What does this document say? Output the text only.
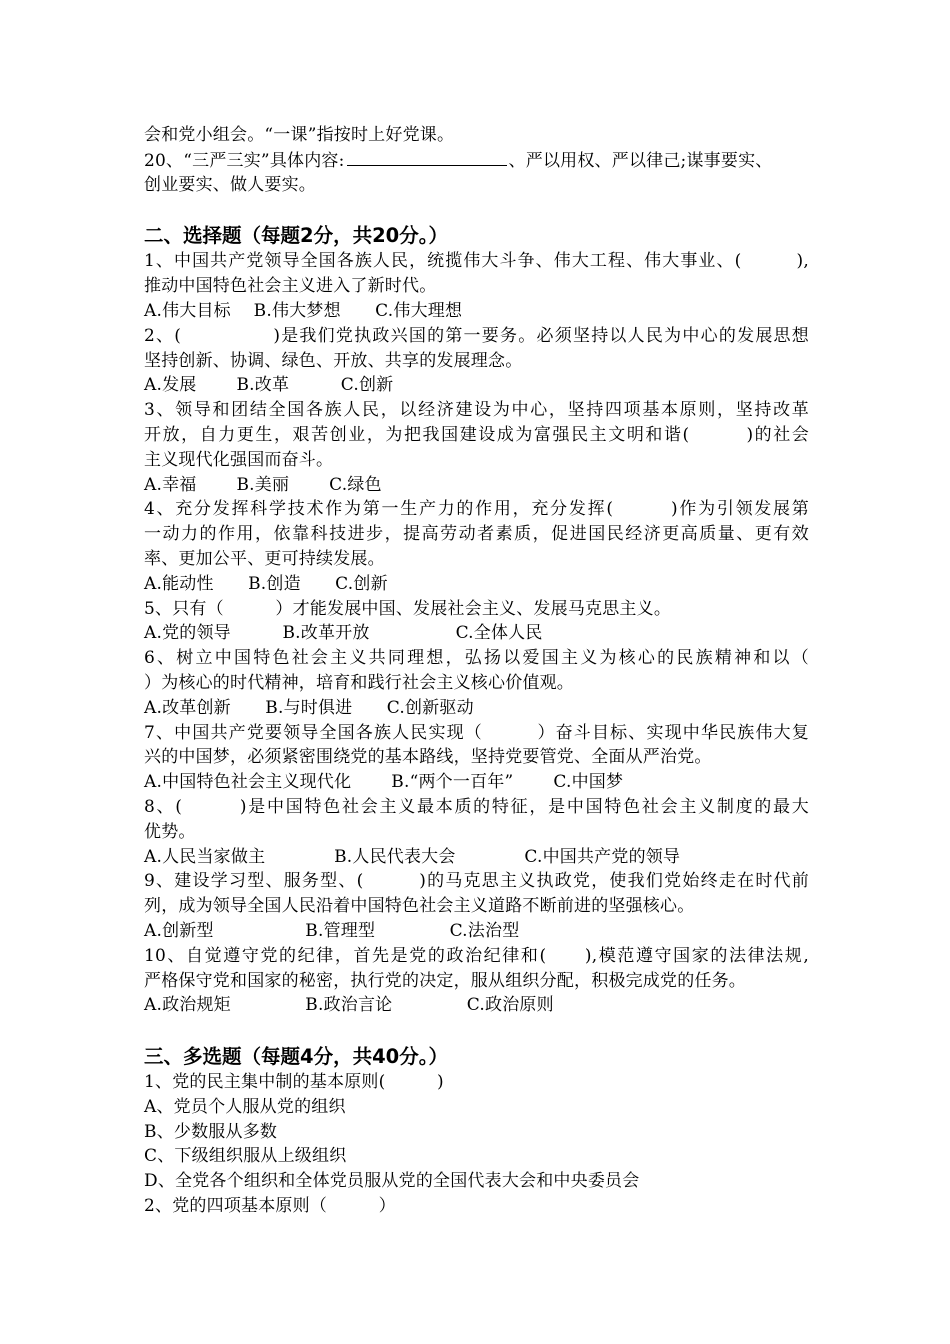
会和党小组会。“一课”指按时上好党课。
20、“三严三实”具体内容:	、严以用权、严以律己;谋事要实、
创业要实、做人要实。
二、选择题（每题2分，共20分。）
1、中国共产党领导全国各族人民，统揽伟大斗争、伟大工程、伟大事业、(　　　),
推动中国特色社会主义进入了新时代。
A.伟大目标　 B.伟大梦想　　C.伟大理想
2、(　　　　　)是我们党执政兴国的第一要务。必须坚持以人民为中心的发展思想
坚持创新、协调、绿色、开放、共享的发展理念。
A.发展　　 B.改革　　　C.创新
3、领导和团结全国各族人民，以经济建设为中心，坚持四项基本原则，坚持改革
开放，自力更生，艰苦创业，为把我国建设成为富强民主文明和谐(　　　)的社会
主义现代化强国而奋斗。
A.幸福　　 B.美丽　　 C.绿色
4、充分发挥科学技术作为第一生产力的作用，充分发挥(　　　)作为引领发展第
一动力的作用，依靠科技进步，提高劳动者素质，促进国民经济更高质量、更有效
率、更加公平、更可持续发展。
A.能动性　　B.创造　　C.创新
5、只有（　　　）才能发展中国、发展社会主义、发展马克思主义。
A.党的领导　　　B.改革开放　　　　　C.全体人民
6、树立中国特色社会主义共同理想，弘扬以爱国主义为核心的民族精神和以（
）为核心的时代精神，培育和践行社会主义核心价值观。
A.改革创新　　B.与时俱进　　C.创新驱动
7、中国共产党要领导全国各族人民实现（　　　）奋斗目标、实现中华民族伟大复
兴的中国梦，必须紧密围绕党的基本路线，坚持党要管党、全面从严治党。
A.中国特色社会主义现代化　　 B.“两个一百年”　　 C.中国梦
8、(　　　)是中国特色社会主义最本质的特征，是中国特色社会主义制度的最大
优势。
A.人民当家做主　　　　B.人民代表大会　　　　C.中国共产党的领导
9、建设学习型、服务型、(　　　)的马克思主义执政党，使我们党始终走在时代前
列，成为领导全国人民沿着中国特色社会主义道路不断前进的坚强核心。
A.创新型　　　　　 B.管理型　　　　 C.法治型
10、自觉遵守党的纪律，首先是党的政治纪律和(　　),模范遵守国家的法律法规,
严格保守党和国家的秘密，执行党的决定，服从组织分配，积极完成党的任务。
A.政治规矩　　　　 B.政治言论　　　　 C.政治原则
三、多选题（每题4分，共40分。）
1、党的民主集中制的基本原则(　　　)
A、党员个人服从党的组织
B、少数服从多数
C、下级组织服从上级组织
D、全党各个组织和全体党员服从党的全国代表大会和中央委员会
2、党的四项基本原则（　　　）
